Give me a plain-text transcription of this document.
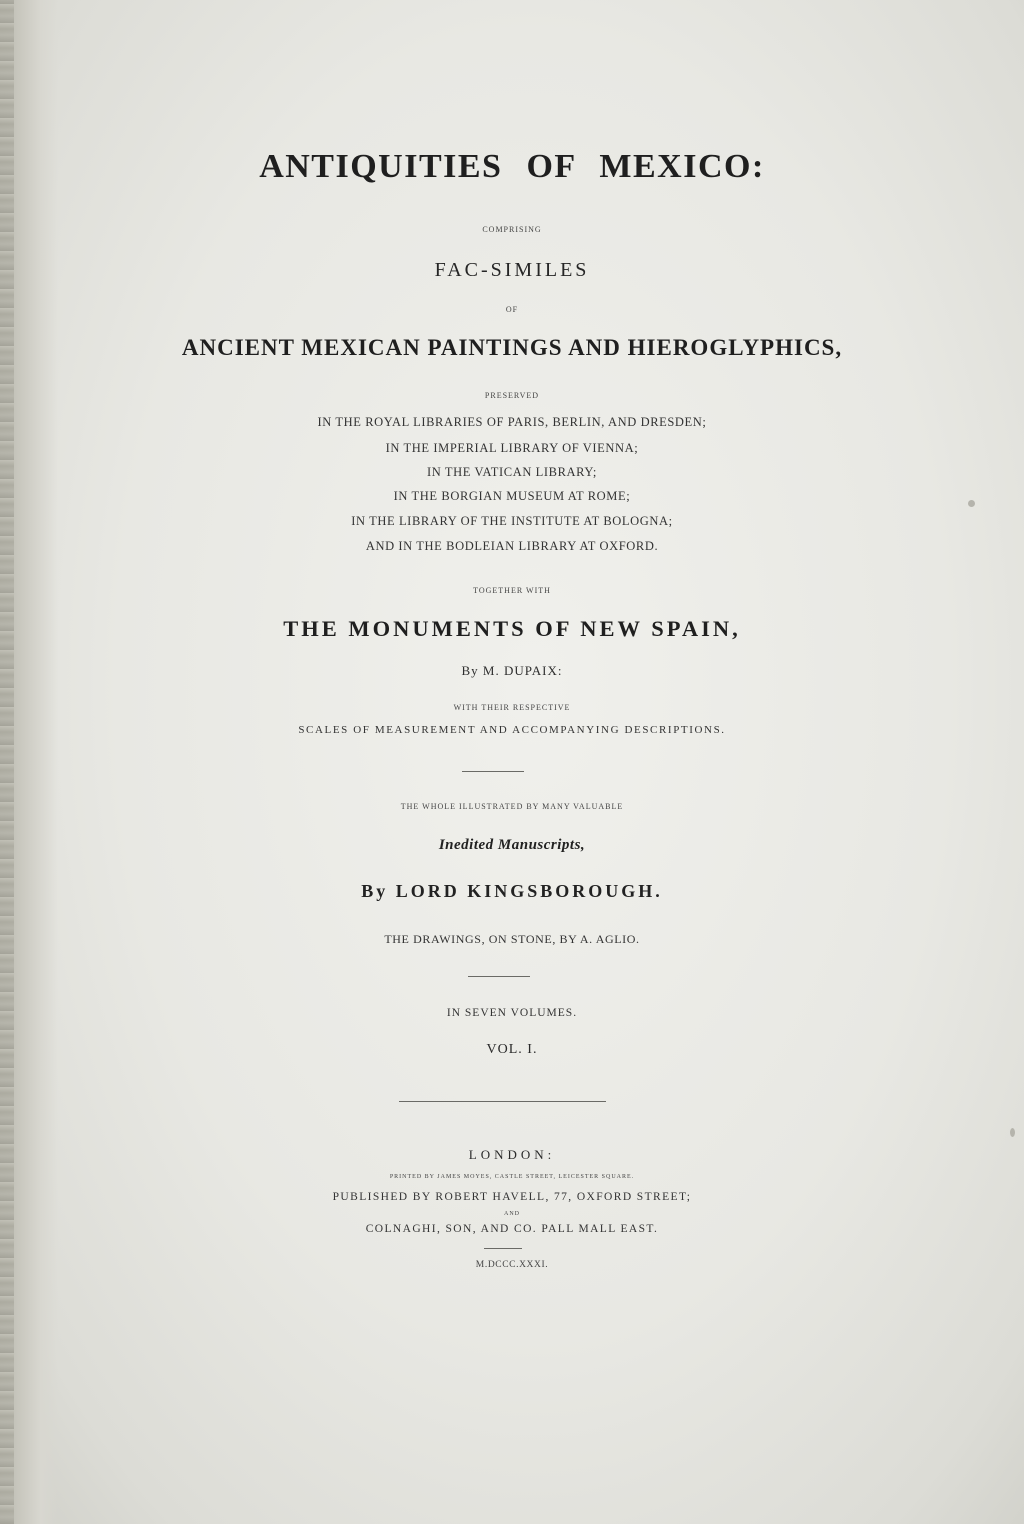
ANTIQUITIES OF MEXICO:
COMPRISING
FAC-SIMILES
OF
ANCIENT MEXICAN PAINTINGS AND HIEROGLYPHICS,
PRESERVED
IN THE ROYAL LIBRARIES OF PARIS, BERLIN, AND DRESDEN;
IN THE IMPERIAL LIBRARY OF VIENNA;
IN THE VATICAN LIBRARY;
IN THE BORGIAN MUSEUM AT ROME;
IN THE LIBRARY OF THE INSTITUTE AT BOLOGNA;
AND IN THE BODLEIAN LIBRARY AT OXFORD.
TOGETHER WITH
THE MONUMENTS OF NEW SPAIN,
By M. DUPAIX:
WITH THEIR RESPECTIVE
SCALES OF MEASUREMENT AND ACCOMPANYING DESCRIPTIONS.
THE WHOLE ILLUSTRATED BY MANY VALUABLE
Inedited Manuscripts,
By LORD KINGSBOROUGH.
THE DRAWINGS, ON STONE, BY A. AGLIO.
IN SEVEN VOLUMES.
VOL. I.
LONDON:
PRINTED BY JAMES MOYES, CASTLE STREET, LEICESTER SQUARE.
PUBLISHED BY ROBERT HAVELL, 77, OXFORD STREET;
AND
COLNAGHI, SON, AND CO. PALL MALL EAST.
M.DCCC.XXXI.
